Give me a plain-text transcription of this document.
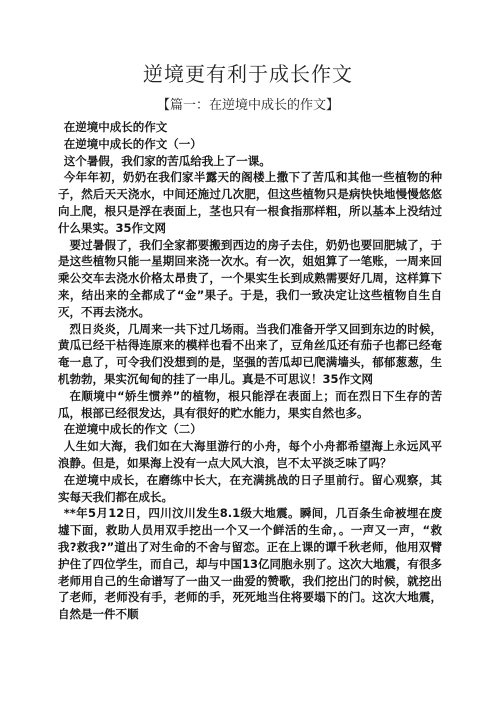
逆境更有利于成长作文
【篇一：在逆境中成长的作文】

在逆境中成长的作文

在逆境中成长的作文（一）

这个暑假，我们家的苦瓜给我上了一课。

今年年初，奶奶在我们家半露天的阁楼上撒下了苦瓜和其他一些植物的种子，然后天天浇水，中间还施过几次肥，但这些植物只是病快快地慢慢悠悠向上爬，根只是浮在表面上，茎也只有一根食指那样粗，所以基本上没结过什么果实。35作文网

要过暑假了，我们全家都要搬到西边的房子去住，奶奶也要回肥城了，于是这些植物只能一星期回来浇一次水。有一次，姐姐算了一笔账，一周来回乘公交车去浇水价格太昂贵了，一个果实生长到成熟需要好几周，这样算下来，结出来的全都成了“金”果子。于是，我们一致决定让这些植物自生自灭，不再去浇水。

烈日炎炎，几周来一共下过几场雨。当我们准备开学又回到东边的时候，黄瓜已经干枯得连原来的模样也看不出来了，豆角丝瓜还有茄子也都已经奄奄一息了，可令我们没想到的是，坚强的苦瓜却已爬满墙头，郁郁葱葱，生机勃勃，果实沉甸甸的挂了一串儿。真是不可思议！35作文网

在顺境中“娇生惯养”的植物，根只能浮在表面上；而在烈日下生存的苦瓜，根部已经很发达，具有很好的贮水能力，果实自然也多。

在逆境中成长的作文（二）

人生如大海，我们如在大海里游行的小舟，每个小舟都希望海上永远风平浪静。但是，如果海上没有一点大风大浪，岂不太平淡乏味了吗？

在逆境中成长，在磨练中长大，在充满挑战的日子里前行。留心观察，其实每天我们都在成长。

**年5月12日，四川汶川发生8.1级大地震。瞬间，几百条生命被埋在废墟下面，救助人员用双手挖出一个又一个鲜活的生命，。一声又一声，“救我?救我?”道出了对生命的不舍与留恋。正在上课的谭千秋老师，他用双臂护住了四位学生，而自己，却与中国13亿同胞永别了。这次大地震，有很多老师用自己的生命谱写了一曲又一曲爱的赞歌，我们挖出门的时候，就挖出了老师，老师没有手，老师的手，死死地当住将要塌下的门。这次大地震，自然是一件不顺
